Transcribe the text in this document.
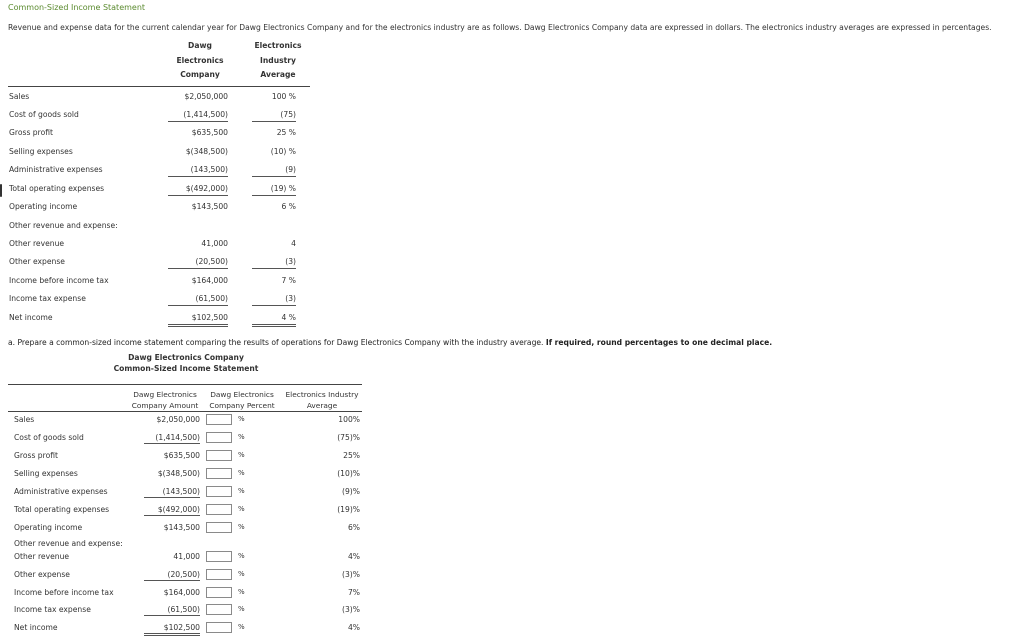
Common-Sized Income Statement
Revenue and expense data for the current calendar year for Dawg Electronics Company and for the electronics industry are as follows. Dawg Electronics Company data are expressed in dollars. The electronics industry averages are expressed in percentages.
Dawg
Electronics
Company
Electronics
Industry
Average
Sales	$2,050,000	100 %
Cost of goods sold	(1,414,500)	(75)
Gross profit	$635,500	25 %
Selling expenses	$(348,500)	(10) %
Administrative expenses	(143,500)	(9)
Total operating expenses	$(492,000)	(19) %
Operating income	$143,500	6 %
Other revenue and expense:
Other revenue	41,000	4
Other expense	(20,500)	(3)
Income before income tax	$164,000	7 %
Income tax expense	(61,500)	(3)
Net income	$102,500	4 %
a. Prepare a common-sized income statement comparing the results of operations for Dawg Electronics Company with the industry average. If required, round percentages to one decimal place.
Dawg Electronics Company
Common-Sized Income Statement
Dawg Electronics
Company Amount
Dawg Electronics
Company Percent
Electronics Industry
Average
Sales	$2,050,000	%	100%
Cost of goods sold	(1,414,500)	%	(75)%
Gross profit	$635,500	%	25%
Selling expenses	$(348,500)	%	(10)%
Administrative expenses	(143,500)	%	(9)%
Total operating expenses	$(492,000)	%	(19)%
Operating income	$143,500	%	6%
Other revenue and expense:
Other revenue	41,000	%	4%
Other expense	(20,500)	%	(3)%
Income before income tax	$164,000	%	7%
Income tax expense	(61,500)	%	(3)%
Net income	$102,500	%	4%
